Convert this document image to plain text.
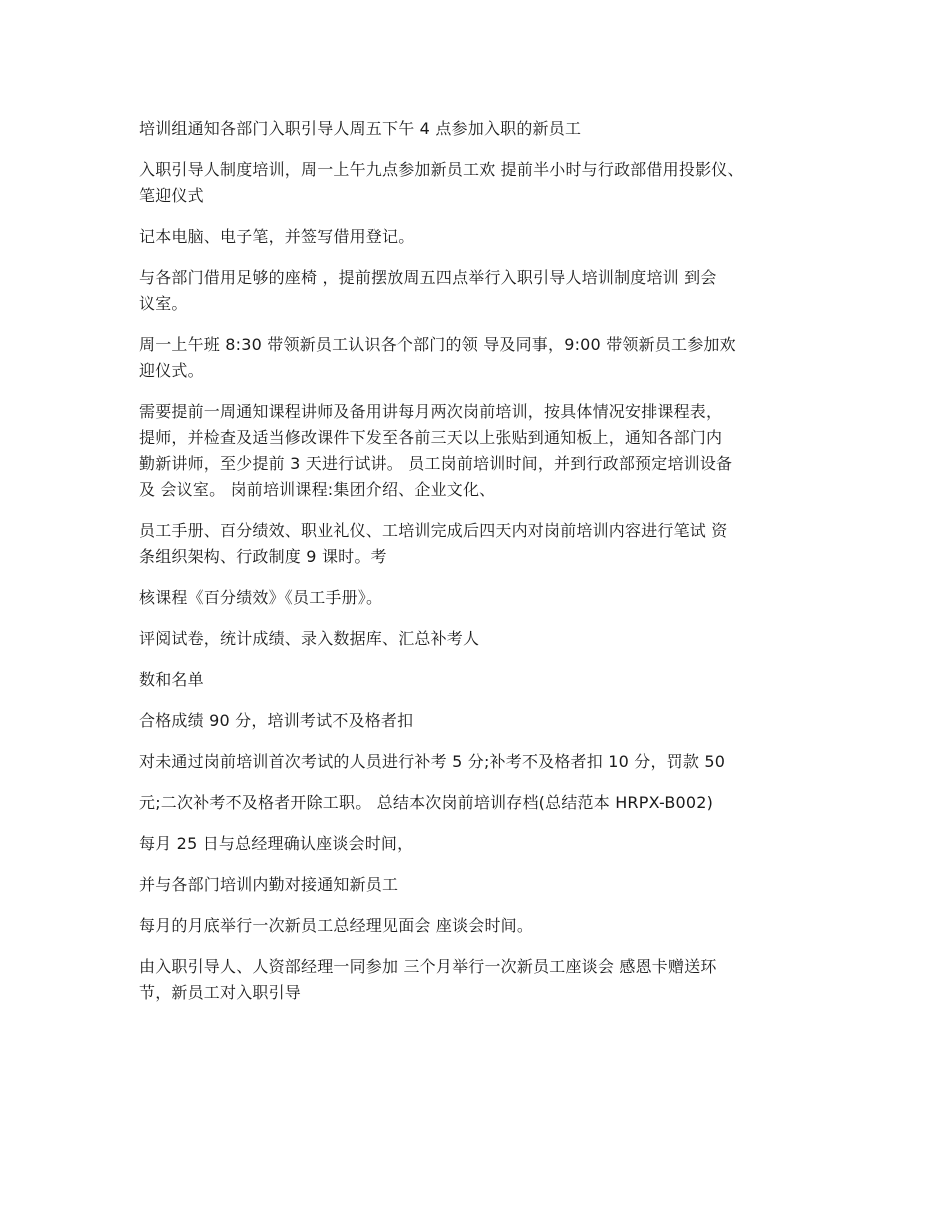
培训组通知各部门入职引导人周五下午 4 点参加入职的新员工
入职引导人制度培训，周一上午九点参加新员工欢 提前半小时与行政部借用投影仪、
笔迎仪式
记本电脑、电子笔，并签写借用登记。
与各部门借用足够的座椅 ，提前摆放周五四点举行入职引导人培训制度培训 到会
议室。
周一上午班 8:30 带领新员工认识各个部门的领 导及同事，9:00 带领新员工参加欢
迎仪式。
需要提前一周通知课程讲师及备用讲每月两次岗前培训，按具体情况安排课程表，
提师，并检查及适当修改课件下发至各前三天以上张贴到通知板上，通知各部门内
勤新讲师，至少提前 3 天进行试讲。 员工岗前培训时间，并到行政部预定培训设备
及 会议室。 岗前培训课程:集团介绍、企业文化、
员工手册、百分绩效、职业礼仪、工培训完成后四天内对岗前培训内容进行笔试 资
条组织架构、行政制度 9 课时。考
核课程《百分绩效》《员工手册》。
评阅试卷，统计成绩、录入数据库、汇总补考人
数和名单
合格成绩 90 分，培训考试不及格者扣
对未通过岗前培训首次考试的人员进行补考 5 分;补考不及格者扣 10 分，罚款 50
元;二次补考不及格者开除工职。 总结本次岗前培训存档(总结范本 HRPX-B002)
每月 25 日与总经理确认座谈会时间，
并与各部门培训内勤对接通知新员工
每月的月底举行一次新员工总经理见面会 座谈会时间。
由入职引导人、人资部经理一同参加 三个月举行一次新员工座谈会 感恩卡赠送环
节，新员工对入职引导
